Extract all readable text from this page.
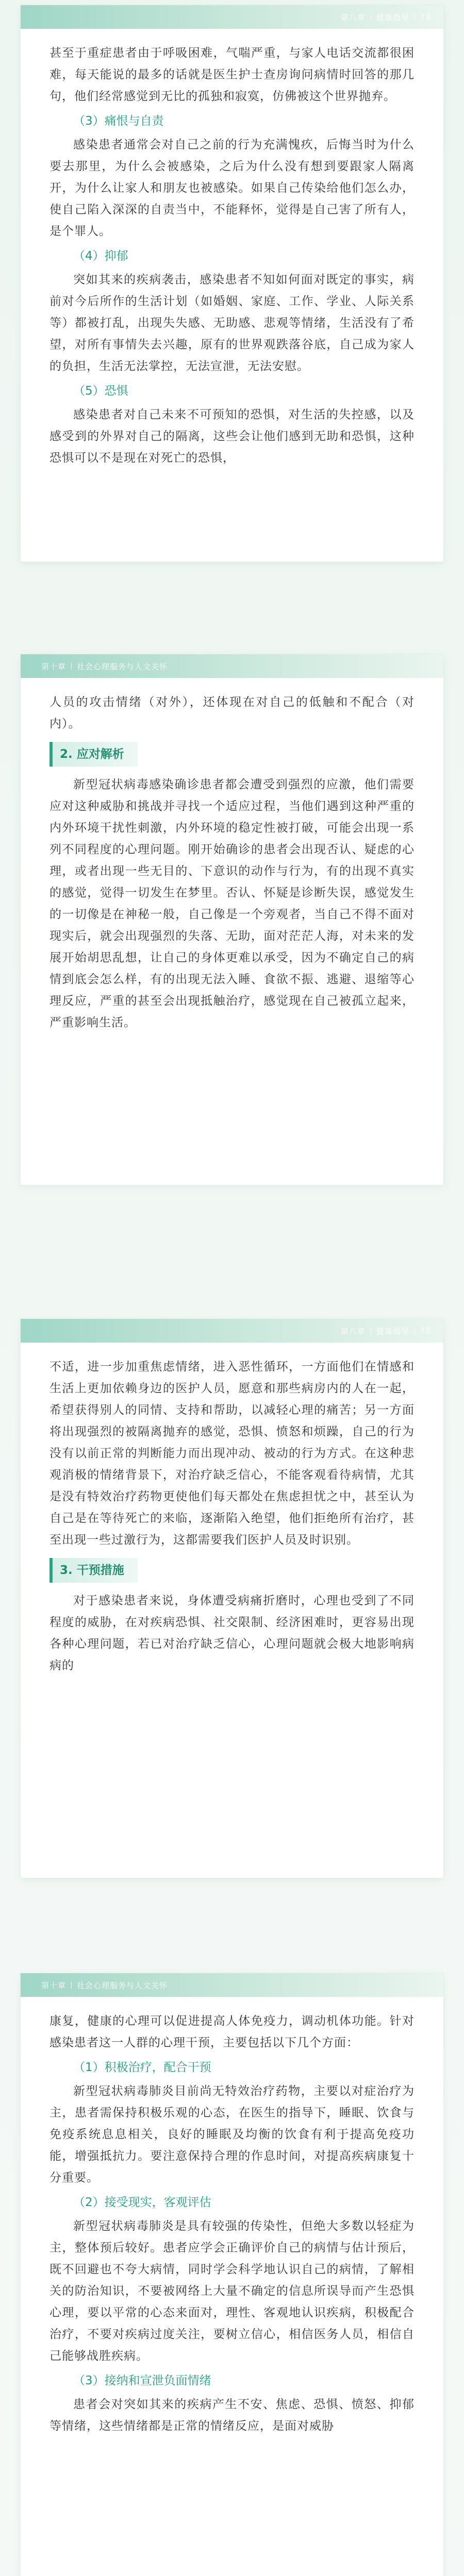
第八章 健康指导 73

甚至于重症患者由于呼吸困难，气喘严重，与家人电话交流都很困难，每天能说的最多的话就是医生护士查房询问病情时回答的那几句，他们经常感觉到无比的孤独和寂寞，仿佛被这个世界抛弃。

（3）痛恨与自责

感染患者通常会对自己之前的行为充满愧疚，后悔当时为什么要去那里，为什么会被感染，之后为什么没有想到要跟家人隔离开，为什么让家人和朋友也被感染。如果自己传染给他们怎么办，使自己陷入深深的自责当中，不能释怀，觉得是自己害了所有人，是个罪人。

（4）抑郁

突如其来的疾病袭击，感染患者不知如何面对既定的事实，病前对今后所作的生活计划（如婚姻、家庭、工作、学业、人际关系等）都被打乱，出现失失感、无助感、悲观等情绪，生活没有了希望，对所有事情失去兴趣，原有的世界观跌落谷底，自己成为家人的负担，生活无法掌控，无法宣泄，无法安慰。

（5）恐惧

感染患者对自己未来不可预知的恐惧，对生活的失控感，以及感受到的外界对自己的隔离，这些会让他们感到无助和恐惧，这种恐惧可以不是现在对死亡的恐惧，

第十章 社会心理服务与人文关怀

人员的攻击情绪（对外），还体现在对自己的低触和不配合（对内）。

2. 应对解析

新型冠状病毒感染确诊患者都会遭受到强烈的应激，他们需要应对这种威胁和挑战并寻找一个适应过程，当他们遇到这种严重的内外环境干扰性刺激，内外环境的稳定性被打破，可能会出现一系列不同程度的心理问题。刚开始确诊的患者会出现否认、疑虑的心理，或者出现一些无目的、下意识的动作与行为，有的出现不真实的感觉，觉得一切发生在梦里。否认、怀疑是诊断失误，感觉发生的一切像是在神秘一般，自己像是一个旁观者，当自己不得不面对现实后，就会出现强烈的失落、无助，面对茫茫人海，对未来的发展开始胡思乱想，让自己的身体更难以承受，因为不确定自己的病情到底会怎么样，有的出现无法入睡、食欲不振、逃避、退缩等心理反应，严重的甚至会出现抵触治疗，感觉现在自己被孤立起来，严重影响生活。

第八章 健康指导 75

不适，进一步加重焦虑情绪，进入恶性循环，一方面他们在情感和生活上更加依赖身边的医护人员，愿意和那些病房内的人在一起，希望获得别人的同情、支持和帮助，以减轻心理的痛苦；另一方面将出现强烈的被隔离抛弃的感觉，恐惧、愤怒和烦躁，自己的行为没有以前正常的判断能力而出现冲动、被动的行为方式。在这种悲观消极的情绪背景下，对治疗缺乏信心，不能客观看待病情，尤其是没有特效治疗药物更使他们每天都处在焦虑担忧之中，甚至认为自己是在等待死亡的来临，逐渐陷入绝望，他们拒绝所有治疗，甚至出现一些过激行为，这都需要我们医护人员及时识别。

3. 干预措施

对于感染患者来说，身体遭受病痛折磨时，心理也受到了不同程度的威胁，在对疾病恐惧、社交限制、经济困难时，更容易出现各种心理问题，若已对治疗缺乏信心，心理问题就会极大地影响病病的

第十章 社会心理服务与人文关怀

康复，健康的心理可以促进提高人体免疫力，调动机体功能。针对感染患者这一人群的心理干预，主要包括以下几个方面：

（1）积极治疗，配合干预

新型冠状病毒肺炎目前尚无特效治疗药物，主要以对症治疗为主，患者需保持积极乐观的心态，在医生的指导下，睡眠、饮食与免疫系统息息相关，良好的睡眠及均衡的饮食有利于提高免疫功能，增强抵抗力。要注意保持合理的作息时间，对提高疾病康复十分重要。

（2）接受现实，客观评估

新型冠状病毒肺炎是具有较强的传染性，但绝大多数以轻症为主，整体预后较好。患者应学会正确评价自己的病情与估计预后，既不回避也不夸大病情，同时学会科学地认识自己的病情，了解相关的防治知识，不要被网络上大量不确定的信息所误导而产生恐惧心理，要以平常的心态来面对，理性、客观地认识疾病，积极配合治疗，不要对疾病过度关注，要树立信心，相信医务人员，相信自己能够战胜疾病。

（3）接纳和宣泄负面情绪

患者会对突如其来的疾病产生不安、焦虑、恐惧、愤怒、抑郁等情绪，这些情绪都是正常的情绪反应，是面对威胁
